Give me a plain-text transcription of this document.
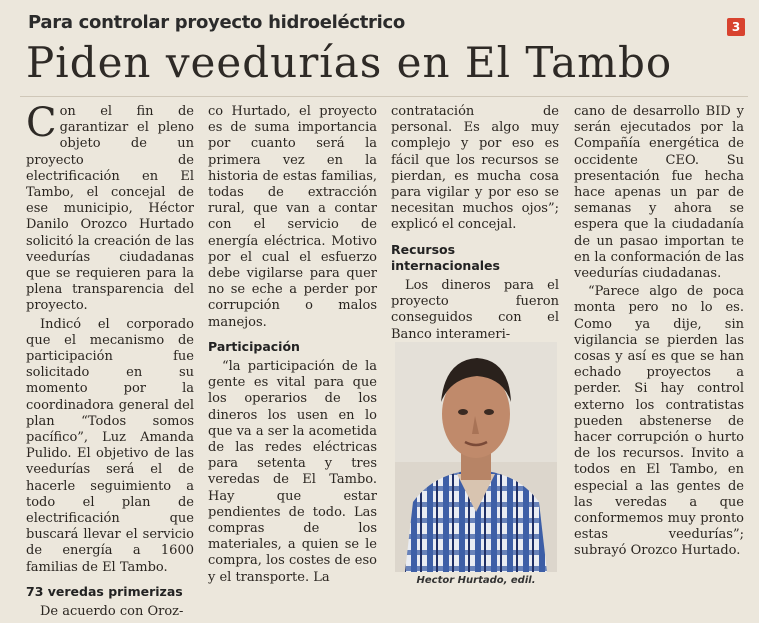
Para controlar proyecto hidroeléctrico	3
Piden veedurías en El Tambo

Con el fin de garantizar el pleno objeto de un proyecto de electrificación en El Tambo, el concejal de ese municipio, Héctor Danilo Orozco Hurtado solicitó la creación de las veedurías ciudadanas que se requieren para la plena transparencia del proyecto.

Indicó el corporado que el mecanismo de participación fue solicitado en su momento por la coordinadora general del plan “Todos somos pacífico”, Luz Amanda Pulido. El objetivo de las veedurías será el de hacerle seguimiento a todo el plan de electrificación que buscará llevar el servicio de energía a 1600 familias de El Tambo.

73 veredas primerizas

De acuerdo con Oroz-

co Hurtado, el proyecto es de suma importancia por cuanto será la primera vez en la historia de estas familias, todas de extracción rural, que van a contar con el servicio de energía eléctrica. Motivo por el cual el esfuerzo debe vigilarse para quer no se eche a perder por corrupción o malos manejos.

Participación

“la participación de la gente es vital para que los operarios de los dineros los usen en lo que va a ser la acometida de las redes eléctricas para setenta y tres veredas de El Tambo. Hay que estar pendientes de todo. Las compras de los materiales, a quien se le compra, los costes de eso y el transporte. La

contratación de personal. Es algo muy complejo y por eso es fácil que los recursos se pierdan, es mucha cosa para vigilar y por eso se necesitan muchos ojos”; explicó el concejal.

Recursos internacionales

Los dineros para el proyecto fueron conseguidos con el Banco interameri-

Hector Hurtado, edil.

cano de desarrollo BID y serán ejecutados por la Compañía energética de occidente CEO. Su presentación fue hecha hace apenas un par de semanas y ahora se espera que la ciudadanía de un pasao importan te en la conformación de las veedurías ciudadanas.

“Parece algo de poca monta pero no lo es. Como ya dije, sin vigilancia se pierden las cosas y así es que se han echado proyectos a perder. Si hay control externo los contratistas pueden abstenerse de hacer corrupción o hurto de los recursos. Invito a todos en El Tambo, en especial a las gentes de las veredas a que conformemos muy pronto estas veedurías”; subrayó Orozco Hurtado.
